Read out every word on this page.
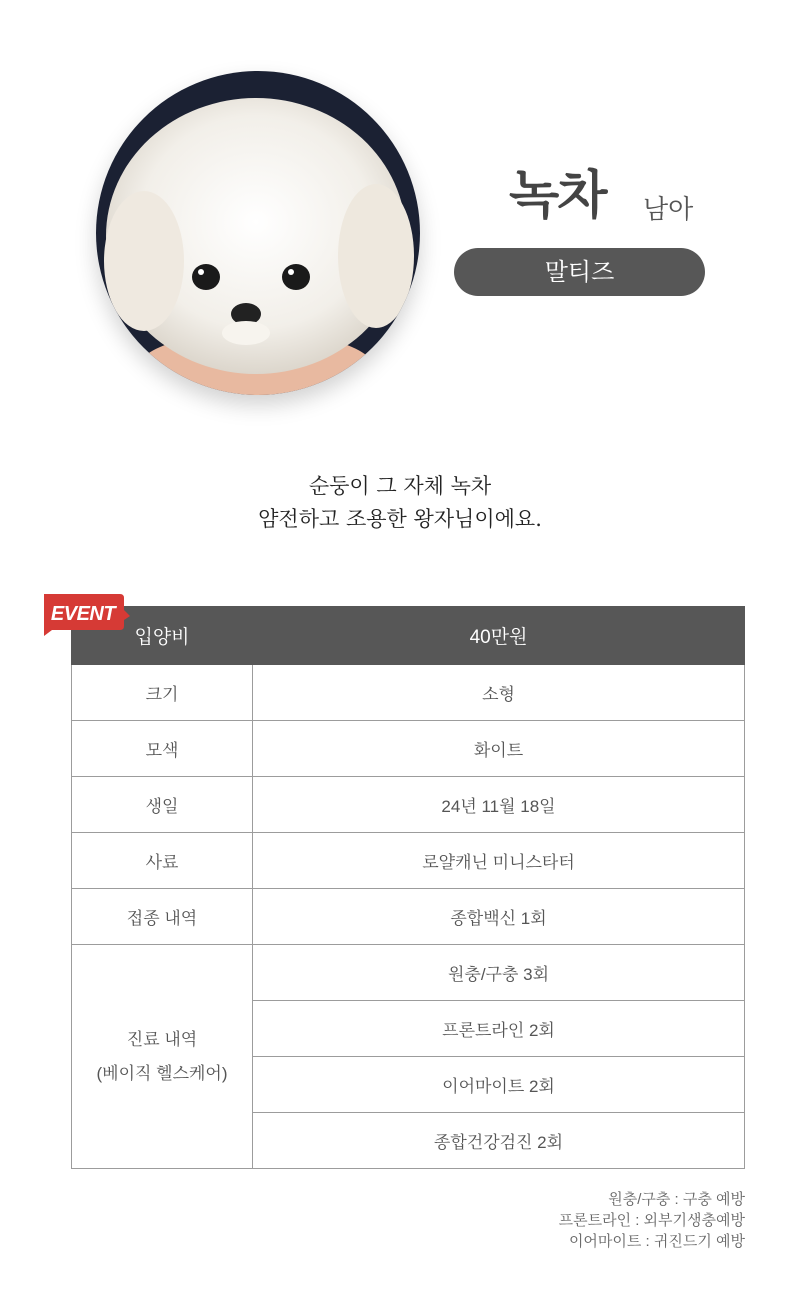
녹차 남아
말티즈
순둥이 그 자체 녹차
얌전하고 조용한 왕자님이에요.
입양비	40만원
크기	소형
모색	화이트
생일	24년 11월 18일
사료	로얄캐닌 미니스타터
접종 내역	종합백신 1회

진료 내역
(베이직 헬스케어)	원충/구충 3회
	프론트라인 2회
	이어마이트 2회
	종합건강검진 2회
EVENT
원충/구충 : 구충 예방
프론트라인 : 외부기생충예방
이어마이트 : 귀진드기 예방
